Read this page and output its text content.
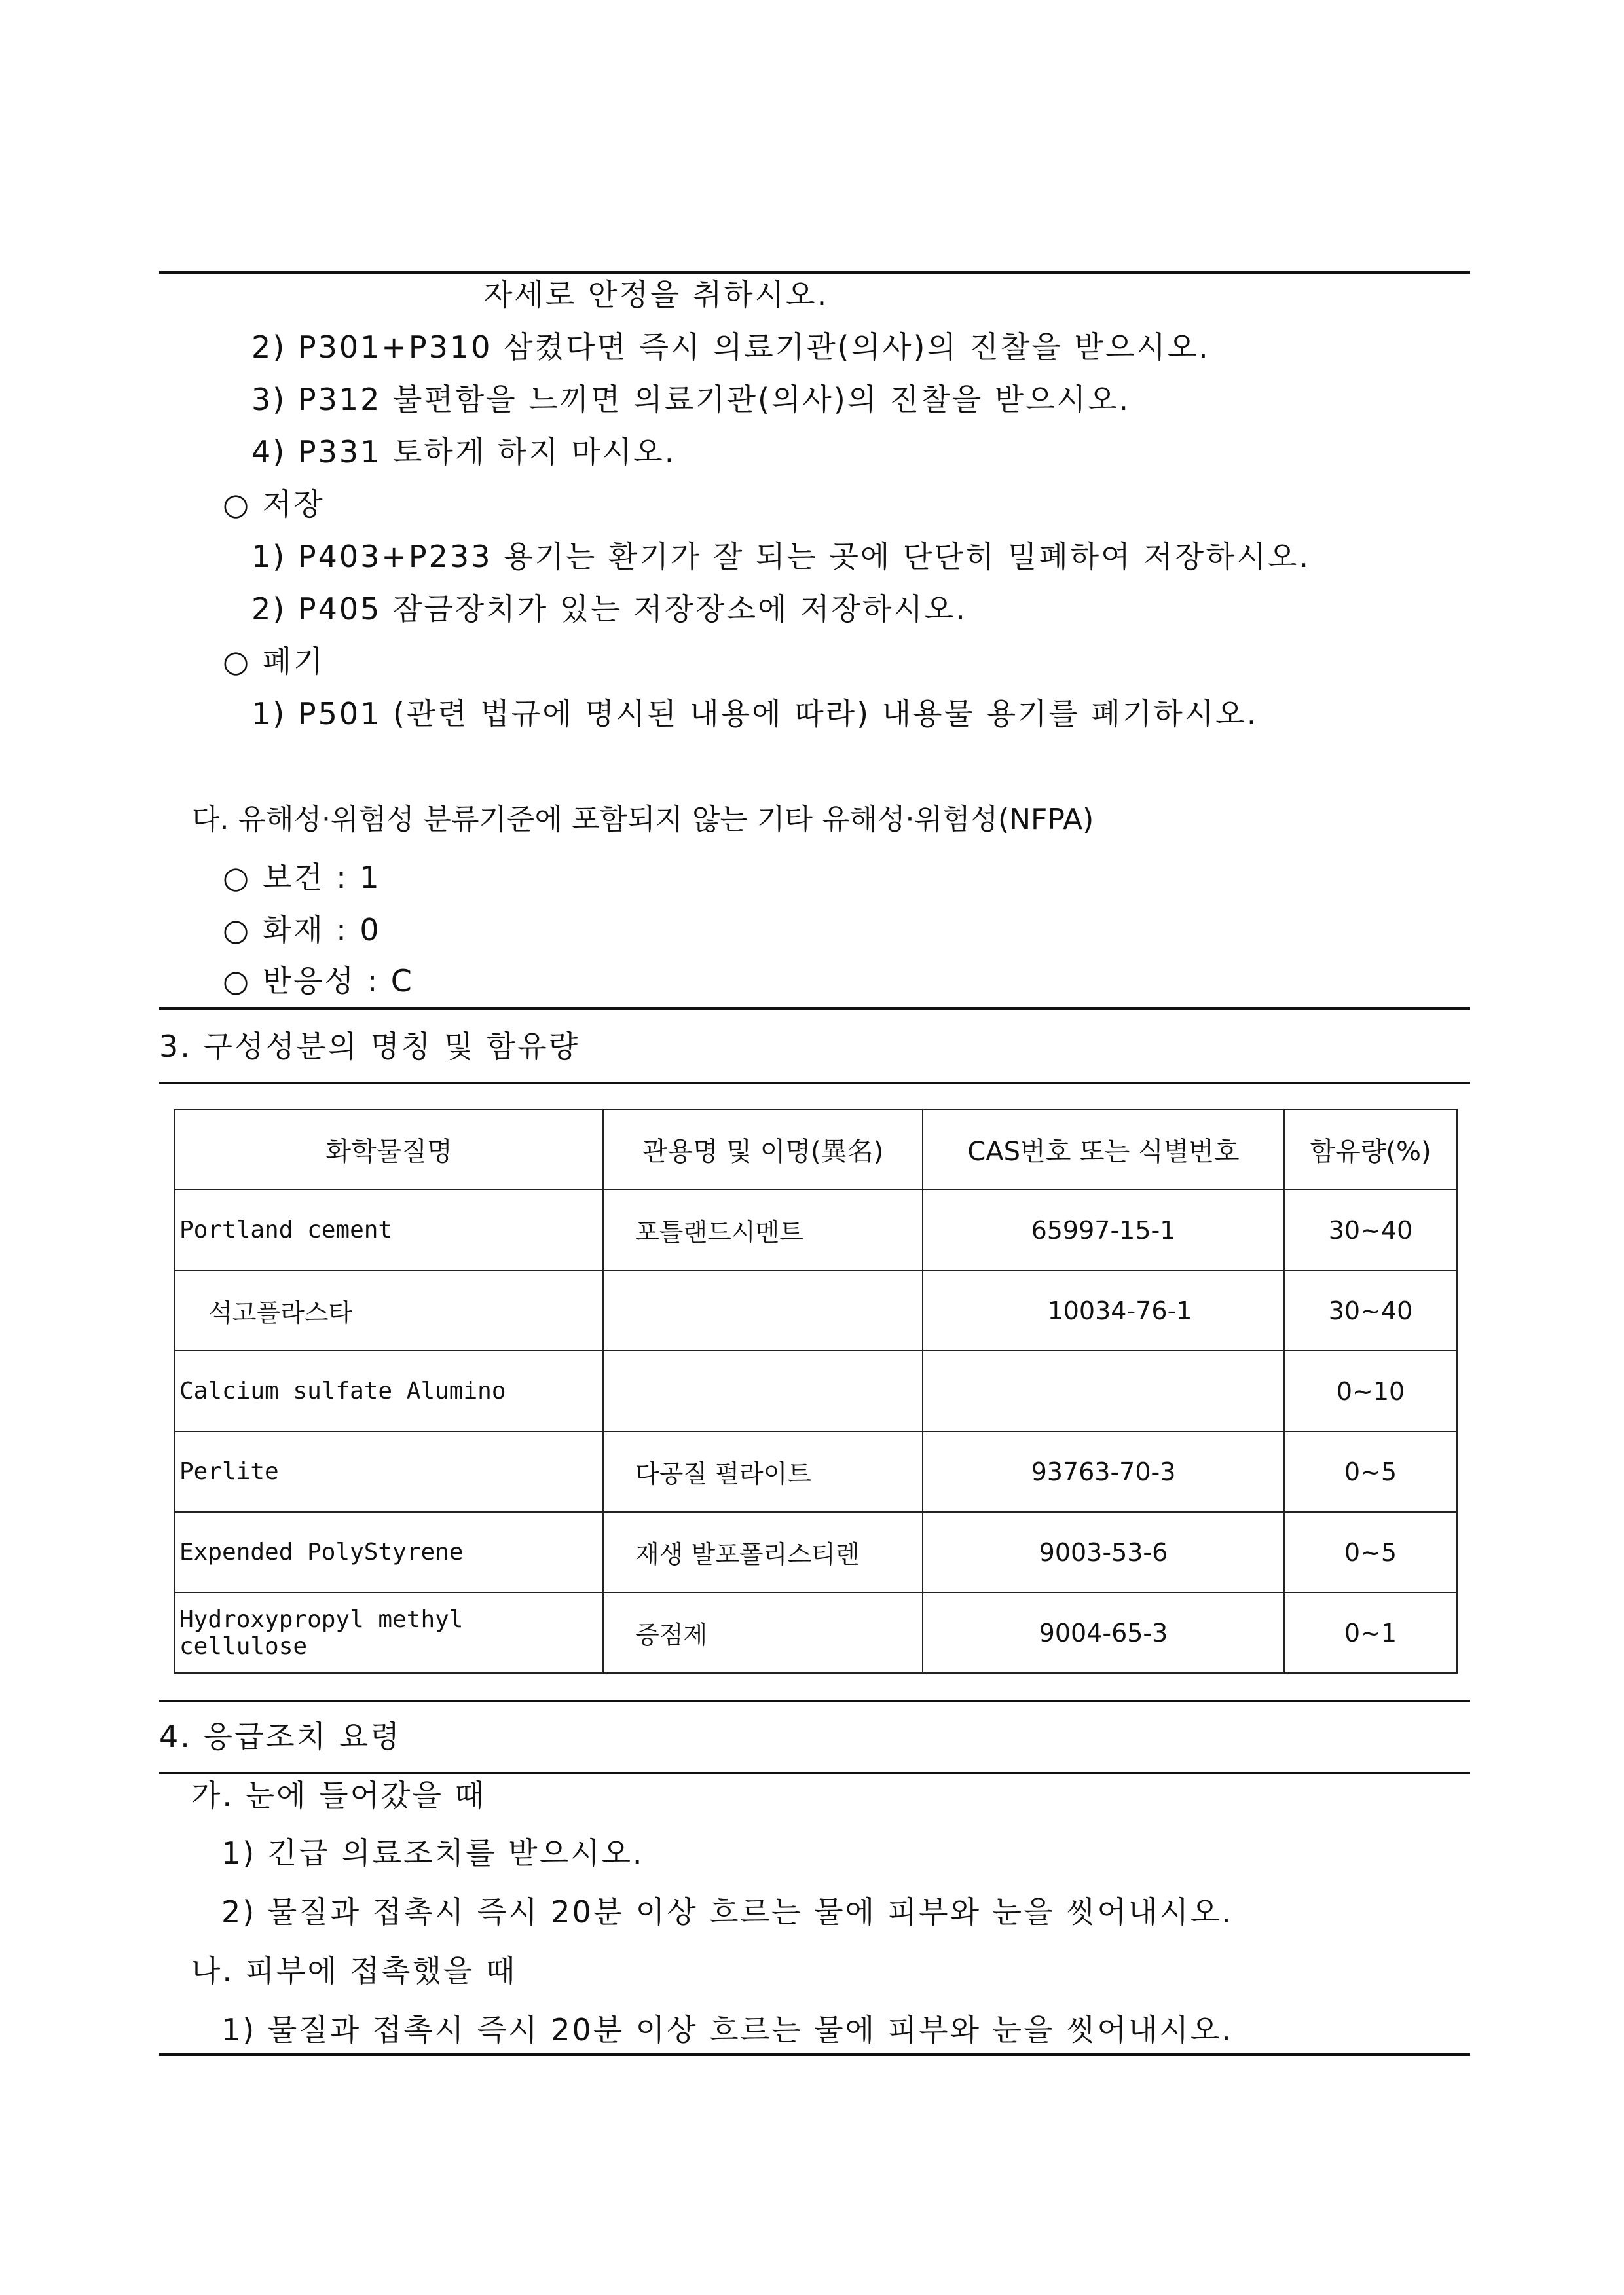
자세로 안정을 취하시오.
2) P301+P310 삼켰다면 즉시 의료기관(의사)의 진찰을 받으시오.
3) P312 불편함을 느끼면 의료기관(의사)의 진찰을 받으시오.
4) P331 토하게 하지 마시오.
○ 저장
1) P403+P233 용기는 환기가 잘 되는 곳에 단단히 밀폐하여 저장하시오.
2) P405 잠금장치가 있는 저장장소에 저장하시오.
○ 폐기
1) P501 (관련 법규에 명시된 내용에 따라) 내용물 용기를 폐기하시오.
다. 유해성·위험성 분류기준에 포함되지 않는 기타 유해성·위험성(NFPA)
○ 보건 : 1
○ 화재 : 0
○ 반응성 : C
3. 구성성분의 명칭 및 함유량
화학물질명	관용명 및 이명(異名)	CAS번호 또는 식별번호	함유량(%)
Portland cement	포틀랜드시멘트	65997-15-1	30~40
석고플라스타		10034-76-1	30~40
Calcium sulfate Alumino			0~10
Perlite	다공질 펄라이트	93763-70-3	0~5
Expended PolyStyrene	재생 발포폴리스티렌	9003-53-6	0~5
Hydroxypropyl methyl cellulose	증점제	9004-65-3	0~1
4. 응급조치 요령
가. 눈에 들어갔을 때
1) 긴급 의료조치를 받으시오.
2) 물질과 접촉시 즉시 20분 이상 흐르는 물에 피부와 눈을 씻어내시오.
나. 피부에 접촉했을 때
1) 물질과 접촉시 즉시 20분 이상 흐르는 물에 피부와 눈을 씻어내시오.
